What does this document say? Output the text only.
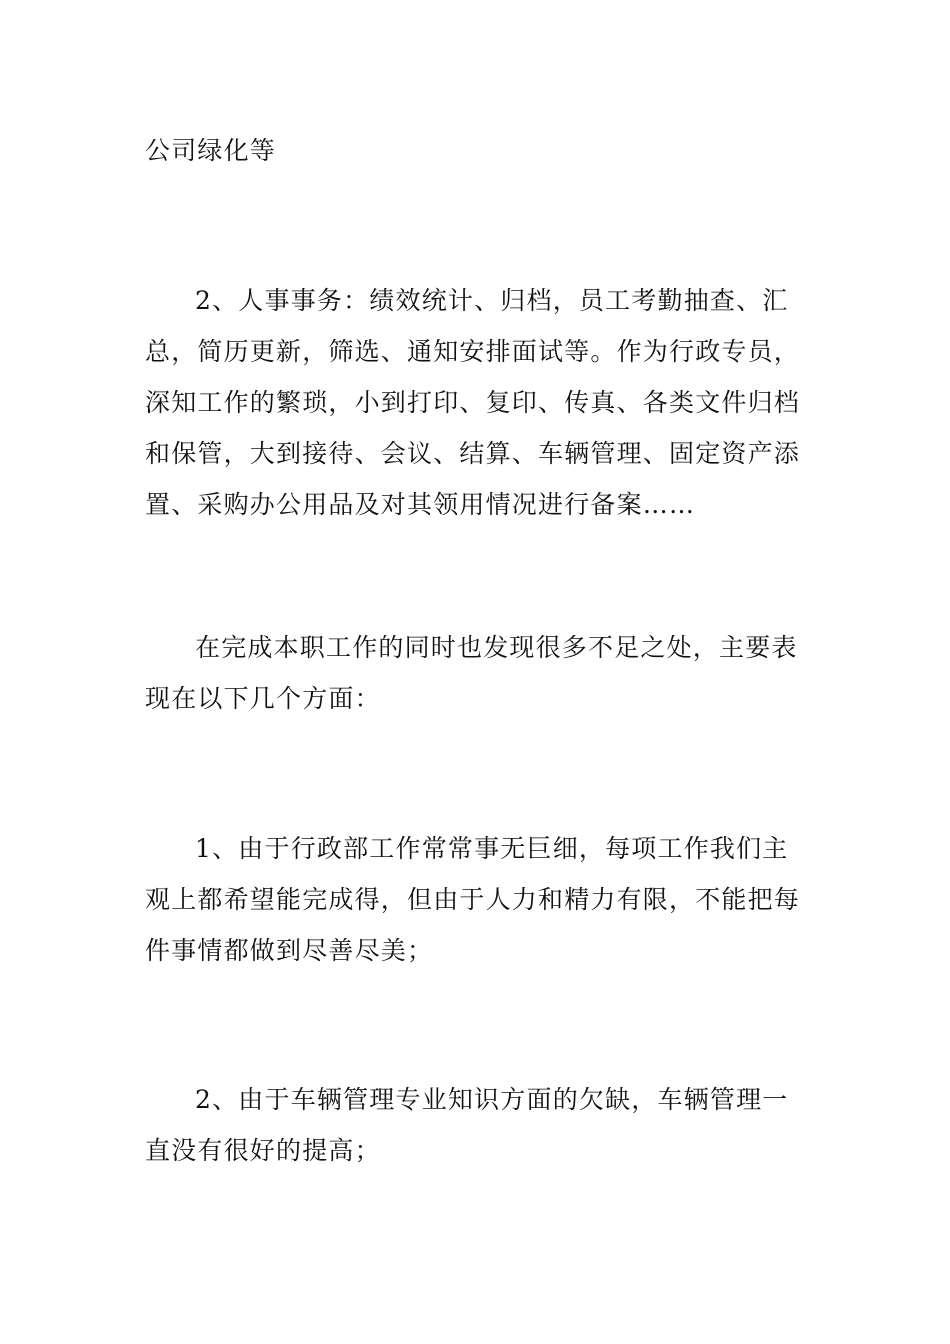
公司绿化等

2、人事事务：绩效统计、归档，员工考勤抽查、汇总，简历更新，筛选、通知安排面试等。作为行政专员，深知工作的繁琐，小到打印、复印、传真、各类文件归档和保管，大到接待、会议、结算、车辆管理、固定资产添置、采购办公用品及对其领用情况进行备案……

在完成本职工作的同时也发现很多不足之处，主要表现在以下几个方面：

1、由于行政部工作常常事无巨细，每项工作我们主观上都希望能完成得，但由于人力和精力有限，不能把每件事情都做到尽善尽美；

2、由于车辆管理专业知识方面的欠缺，车辆管理一直没有很好的提高；
